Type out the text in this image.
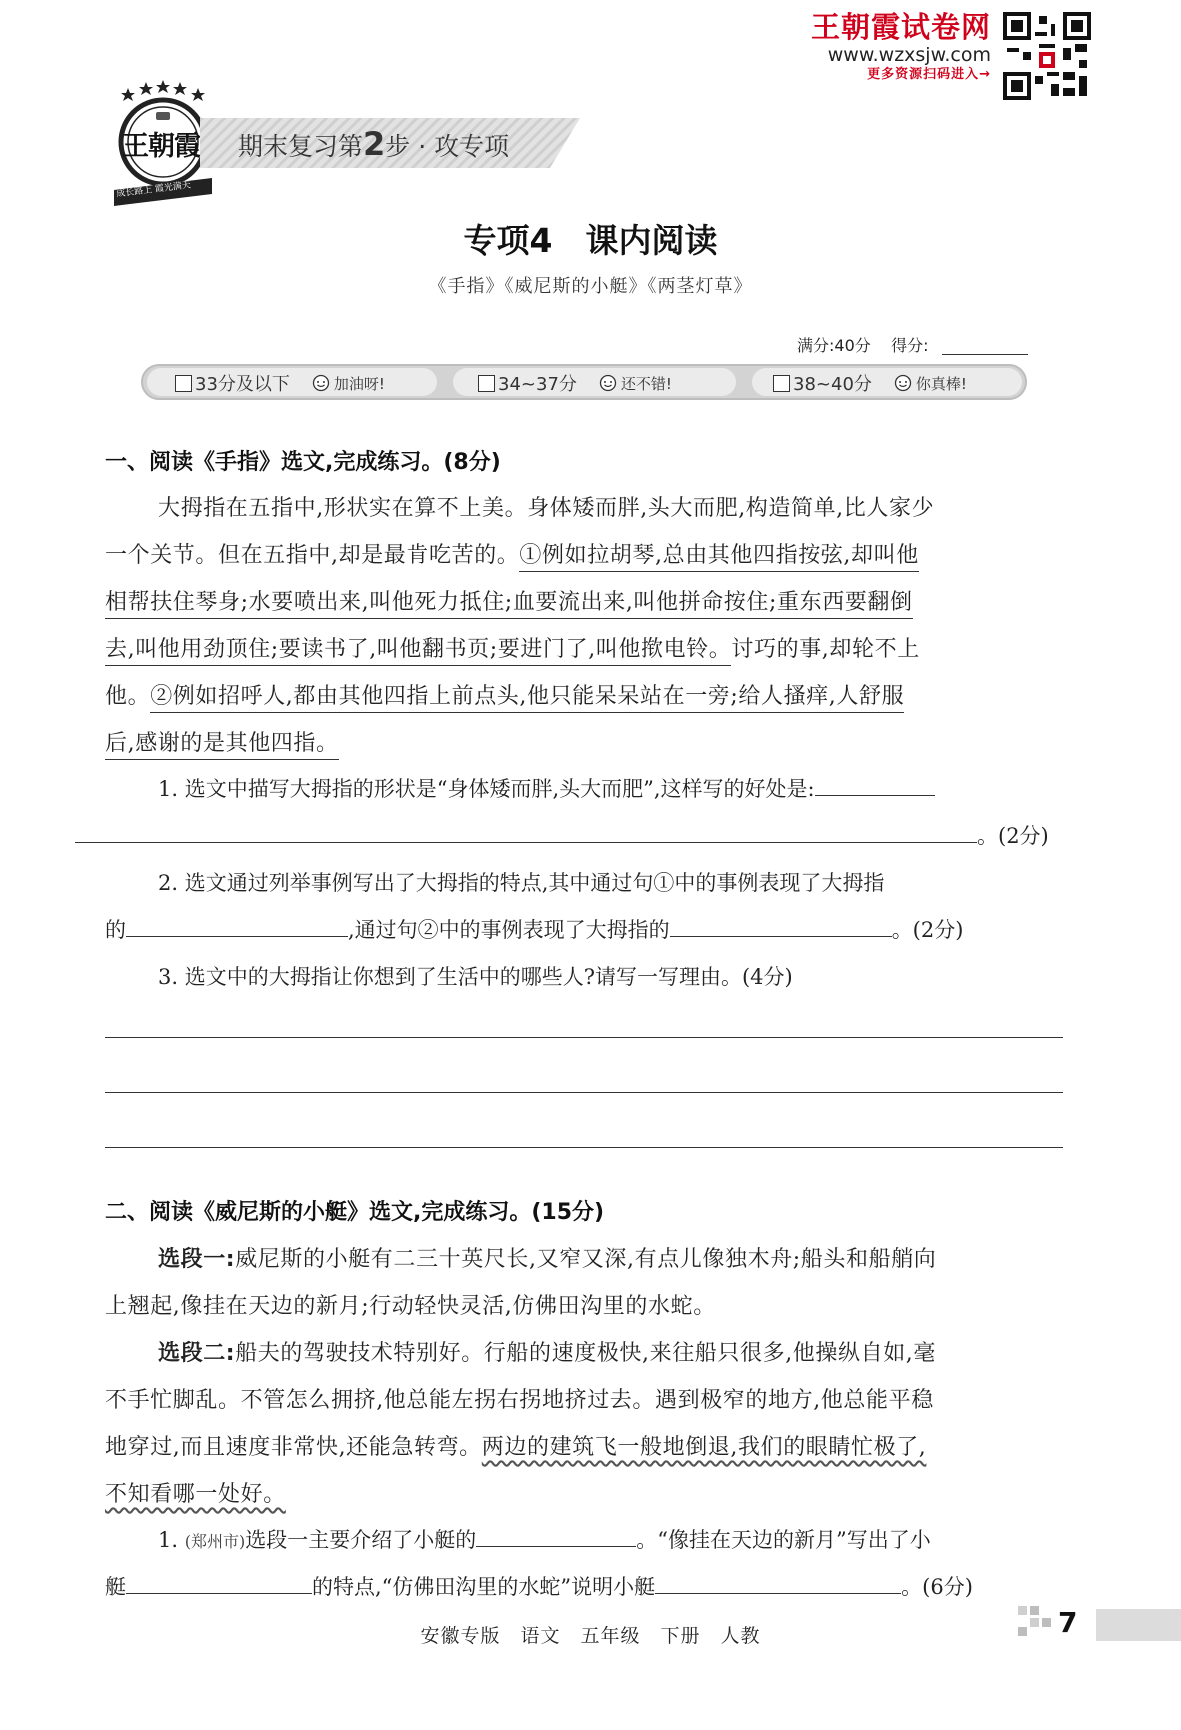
王朝霞试卷网
www.wzxsjw.com
更多资源扫码进入→
王朝霞
成长路上 霞光满天
期末复习第2步 · 攻专项
专项4　课内阅读
《手指》《威尼斯的小艇》《两茎灯草》
满分:40分 得分:
33分及以下	加油呀!	34~37分	还不错!	38~40分	你真棒!
一、阅读《手指》选文,完成练习。(8分)
大拇指在五指中,形状实在算不上美。身体矮而胖,头大而肥,构造简单,比人家少
一个关节。但在五指中,却是最肯吃苦的。①例如拉胡琴,总由其他四指按弦,却叫他
相帮扶住琴身;水要喷出来,叫他死力抵住;血要流出来,叫他拼命按住;重东西要翻倒
去,叫他用劲顶住;要读书了,叫他翻书页;要进门了,叫他揿电铃。讨巧的事,却轮不上
他。②例如招呼人,都由其他四指上前点头,他只能呆呆站在一旁;给人搔痒,人舒服
后,感谢的是其他四指。
1. 选文中描写大拇指的形状是“身体矮而胖,头大而肥”,这样写的好处是:
。(2分)
2. 选文通过列举事例写出了大拇指的特点,其中通过句①中的事例表现了大拇指
的	,通过句②中的事例表现了大拇指的	。(2分)
3. 选文中的大拇指让你想到了生活中的哪些人?请写一写理由。(4分)
二、阅读《威尼斯的小艇》选文,完成练习。(15分)
选段一:威尼斯的小艇有二三十英尺长,又窄又深,有点儿像独木舟;船头和船艄向
上翘起,像挂在天边的新月;行动轻快灵活,仿佛田沟里的水蛇。
选段二:船夫的驾驶技术特别好。行船的速度极快,来往船只很多,他操纵自如,毫
不手忙脚乱。不管怎么拥挤,他总能左拐右拐地挤过去。遇到极窄的地方,他总能平稳
地穿过,而且速度非常快,还能急转弯。两边的建筑飞一般地倒退,我们的眼睛忙极了,
不知看哪一处好。
1. (郑州市)选段一主要介绍了小艇的	。“像挂在天边的新月”写出了小
艇	的特点,“仿佛田沟里的水蛇”说明小艇	。(6分)
安徽专版　语文　五年级　下册　人教	7
